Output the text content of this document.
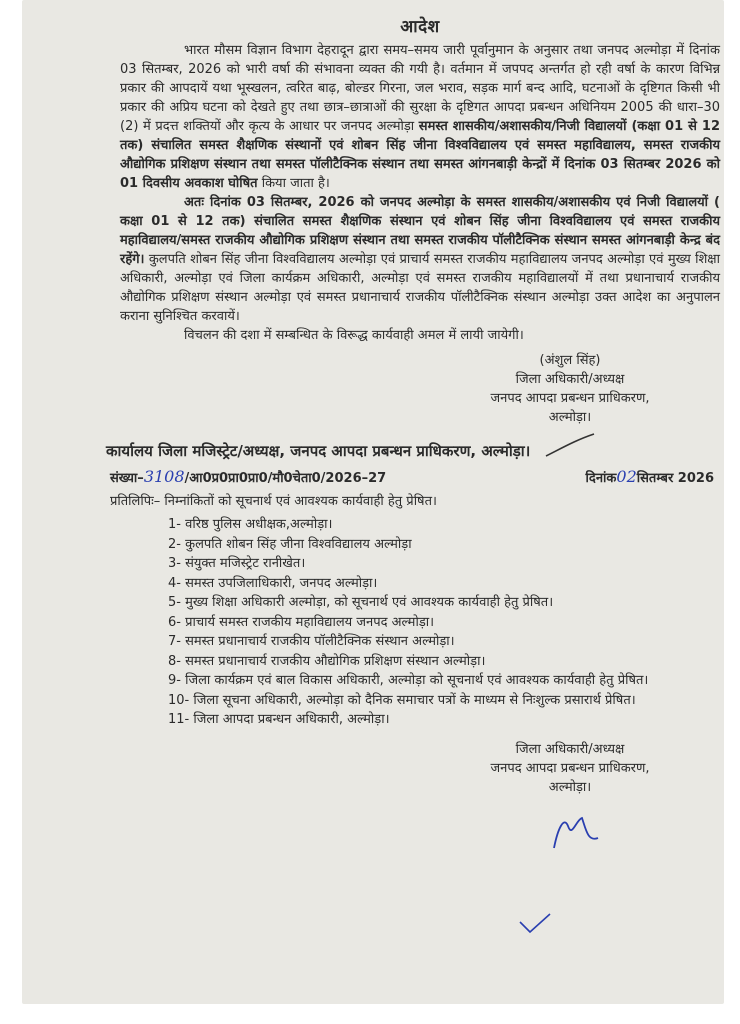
आदेश

भारत मौसम विज्ञान विभाग देहरादून द्वारा समय–समय जारी पूर्वानुमान के अनुसार तथा जनपद अल्मोड़ा में दिनांक 03 सितम्बर, 2026 को भारी वर्षा की संभावना व्यक्त की गयी है। वर्तमान में जपपद अन्तर्गत हो रही वर्षा के कारण विभिन्न प्रकार की आपदायें यथा भूस्खलन, त्वरित बाढ़, बोल्डर गिरना, जल भराव, सड़क मार्ग बन्द आदि, घटनाओं के दृष्टिगत किसी भी प्रकार की अप्रिय घटना को देखते हुए तथा छात्र–छात्राओं की सुरक्षा के दृष्टिगत आपदा प्रबन्धन अधिनियम 2005 की धारा–30 (2) में प्रदत्त शक्तियों और कृत्य के आधार पर जनपद अल्मोड़ा समस्त शासकीय/अशासकीय/निजी विद्यालयों (कक्षा 01 से 12 तक) संचालित समस्त शैक्षणिक संस्थानों एवं शोबन सिंह जीना विश्वविद्यालय एवं समस्त महाविद्यालय, समस्त राजकीय औद्योगिक प्रशिक्षण संस्थान तथा समस्त पॉलीटैक्निक संस्थान तथा समस्त आंगनबाड़ी केन्द्रों में दिनांक 03 सितम्बर 2026 को 01 दिवसीय अवकाश घोषित किया जाता है।

अतः दिनांक 03 सितम्बर, 2026 को जनपद अल्मोड़ा के समस्त शासकीय/अशासकीय एवं निजी विद्यालयों ( कक्षा 01 से 12 तक) संचालित समस्त शैक्षणिक संस्थान एवं शोबन सिंह जीना विश्वविद्यालय एवं समस्त राजकीय महाविद्यालय/समस्त राजकीय औद्योगिक प्रशिक्षण संस्थान तथा समस्त राजकीय पॉलीटैक्निक संस्थान समस्त आंगनबाड़ी केन्द्र बंद रहेंगे। कुलपति शोबन सिंह जीना विश्वविद्यालय अल्मोड़ा एवं प्राचार्य समस्त राजकीय महाविद्यालय जनपद अल्मोड़ा एवं मुख्य शिक्षा अधिकारी, अल्मोड़ा एवं जिला कार्यक्रम अधिकारी, अल्मोड़ा एवं समस्त राजकीय महाविद्यालयों में तथा प्रधानाचार्य राजकीय औद्योगिक प्रशिक्षण संस्थान अल्मोड़ा एवं समस्त प्रधानाचार्य राजकीय पॉलीटैक्निक संस्थान अल्मोड़ा उक्त आदेश का अनुपालन कराना सुनिश्चित करवायें।

विचलन की दशा में सम्बन्धित के विरूद्ध कार्यवाही अमल में लायी जायेगी।

(अंशुल सिंह)
जिला अधिकारी/अध्यक्ष
जनपद आपदा प्रबन्धन प्राधिकरण,
अल्मोड़ा।
कार्यालय जिला मजिस्ट्रेट/अध्यक्ष, जनपद आपदा प्रबन्धन प्राधिकरण, अल्मोड़ा।
संख्या–3108/आ0प्र0प्रा0प्रा0/मौ0चेता0/2026–27	दिनांक02सितम्बर 2026
प्रतिलिपिः– निम्नांकितों को सूचनार्थ एवं आवश्यक कार्यवाही हेतु प्रेषित।
1- वरिष्ठ पुलिस अधीक्षक,अल्मोड़ा।
2- कुलपति शोबन सिंह जीना विश्वविद्यालय अल्मोड़ा
3- संयुक्त मजिस्ट्रेट रानीखेत।
4- समस्त उपजिलाधिकारी, जनपद अल्मोड़ा।
5- मुख्य शिक्षा अधिकारी अल्मोड़ा, को सूचनार्थ एवं आवश्यक कार्यवाही हेतु प्रेषित।
6- प्राचार्य समस्त राजकीय महाविद्यालय जनपद अल्मोड़ा।
7- समस्त प्रधानाचार्य राजकीय पॉलीटैक्निक संस्थान अल्मोड़ा।
8- समस्त प्रधानाचार्य राजकीय औद्योगिक प्रशिक्षण संस्थान अल्मोड़ा।
9- जिला कार्यक्रम एवं बाल विकास अधिकारी, अल्मोड़ा को सूचनार्थ एवं आवश्यक कार्यवाही हेतु प्रेषित।
10- जिला सूचना अधिकारी, अल्मोड़ा को दैनिक समाचार पत्रों के माध्यम से निःशुल्क प्रसारार्थ प्रेषित।
11- जिला आपदा प्रबन्धन अधिकारी, अल्मोड़ा।
जिला अधिकारी/अध्यक्ष
जनपद आपदा प्रबन्धन प्राधिकरण,
अल्मोड़ा।
